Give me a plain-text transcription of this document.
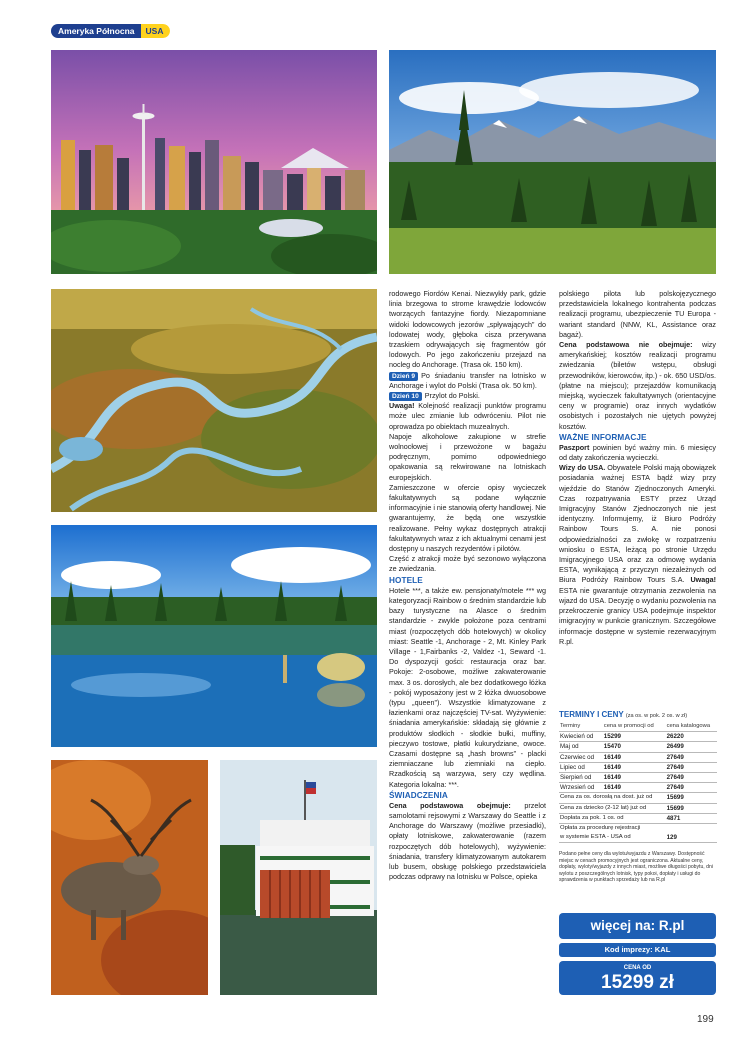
Ameryka Północna	USA

rodowego Fiordów Kenai. Niezwykły park, gdzie linia brzegowa to strome krawędzie lodowców tworzących fantazyjne fiordy. Niezapomniane widoki lodowcowych jezorów „spływających” do lodowatej wody, głęboka cisza przerywana trzaskiem odrywających się fragmentów gór lodowych. Po jego zakończeniu przejazd na nocleg do Anchorage. (Trasa ok. 150 km).

Dzień 9 Po śniadaniu transfer na lotnisko w Anchorage i wylot do Polski (Trasa ok. 50 km).

Dzień 10 Przylot do Polski.

Uwaga! Kolejność realizacji punktów programu może ulec zmianie lub odwróceniu. Pilot nie oprowadza po obiektach muzealnych.

Napoje alkoholowe zakupione w strefie wolnocłowej i przewożone w bagażu podręcznym, pomimo odpowiedniego opakowania są rekwirowane na lotniskach europejskich.

Zamieszczone w ofercie opisy wycieczek fakultatywnych są podane wyłącznie informacyjnie i nie stanowią oferty handlowej. Nie gwarantujemy, że będą one wszystkie realizowane. Pełny wykaz dostępnych atrakcji fakultatywnych wraz z ich aktualnymi cenami jest dostępny u naszych rezydentów i pilotów.

Część z atrakcji może być sezonowo wyłączona ze zwiedzania.

HOTELE

Hotele ***, a także ew. pensjonaty/motele *** wg kategoryzacji Rainbow o średnim standardzie lub bazy turystyczne na Alasce o średnim standardzie - zwykle położone poza centrami miast (rozpoczętych dób hotelowych) w okolicy miast: Seattle -1, Anchorage - 2, Mt. Kinley Park Village - 1,Fairbanks -2, Valdez -1, Seward -1. Do dyspozycji gości: restauracja oraz bar. Pokoje: 2-osobowe, możliwe zakwaterowanie max. 3 os. dorosłych, ale bez dodatkowego łóżka - pokój wyposażony jest w 2 łóżka dwuosobowe (typu „queen”). Wszystkie klimatyzowane z łazienkami oraz najczęściej TV-sat. Wyżywienie: śniadania amerykańskie: składają się głównie z produktów słodkich - słodkie bułki, muffiny, pieczywo tostowe, płatki kukurydziane, owoce. Czasami dostępne są „hash browns” - placki ziemniaczane lub ziemniaki na ciepło. Rzadkością są warzywa, sery czy wędlina. Kategoria lokalna: ***.

ŚWIADCZENIA

Cena podstawowa obejmuje: przelot samolotami rejsowymi z Warszawy do Seattle i z Anchorage do Warszawy (możliwe przesiadki), opłaty lotniskowe, zakwaterowanie (razem rozpoczętych dób hotelowych), wyżywienie: śniadania, transfery klimatyzowanym autokarem lub busem, obsługę polskiego przedstawiciela podczas odprawy na lotnisku w Polsce, opieka

polskiego pilota lub polskojęzycznego przedstawiciela lokalnego kontrahenta podczas realizacji programu, ubezpieczenie TU Europa - wariant standard (NNW, KL, Assistance oraz bagaż).

Cena podstawowa nie obejmuje: wizy amerykańskiej; kosztów realizacji programu zwiedzania (biletów wstępu, obsługi przewodników, kierowców, itp.) - ok. 650 USD/os. (płatne na miejscu); przejazdów komunikacją miejską, wycieczek fakultatywnych (orientacyjne ceny w programie) oraz innych wydatków osobistych i pozostałych nie ujętych powyżej kosztów.

WAŻNE INFORMACJE

Paszport powinien być ważny min. 6 miesięcy od daty zakończenia wycieczki.

Wizy do USA. Obywatele Polski mają obowiązek posiadania ważnej ESTA bądź wizy przy wjeździe do Stanów Zjednoczonych Ameryki. Czas rozpatrywania ESTY przez Urząd Imigracyjny Stanów Zjednoczonych nie jest identyczny. Informujemy, iż Biuro Podróży Rainbow Tours S. A. nie ponosi odpowiedzialności za zwłokę w rozpatrzeniu wniosku o ESTA, leżącą po stronie Urzędu Imigracyjnego USA oraz za odmowę wydania ESTA, wynikającą z przyczyn niezależnych od Biura Podróży Rainbow Tours S.A. Uwaga! ESTA nie gwarantuje otrzymania zezwolenia na wjazd do USA. Decyzję o wydaniu pozwolenia na przekroczenie granicy USA podejmuje inspektor imigracyjny w punkcie granicznym. Szczegółowe informacje dostępne w systemie rezerwacyjnym R.pl.

TERMINY I CENY (za os. w pok. 2 os. w zł)
Terminy	cena w promocji od	cena katalogowa
Kwiecień od	15299	26220
Maj od	15470	26499
Czerwiec od	16149	27649
Lipiec od	16149	27649
Sierpień od	16149	27649
Wrzesień od	16149	27649
Cena za os. dorosłą na dost. już od		15699
Cena za dziecko (2-12 lat) już od		15699
Dopłata za pok. 1 os. od		4871
Opłata za procedurę rejestracji		
w systemie ESTA - USA od		129
Podano pełne ceny dla wylotu/wyjazdu z Warszawy. Dostępność miejsc w cenach promocyjnych jest ograniczona. Aktualne ceny, dopłaty, wyloty/wyjazdy z innych miast, możliwe długości pobytu, dni wylotu z poszczególnych lotnisk, typy pokoi, dopłaty i usługi do sprawdzenia w punktach sprzedaży lub na R.pl
więcej na: R.pl
Kod imprezy: KAL
CENA OD
15299 zł
199
